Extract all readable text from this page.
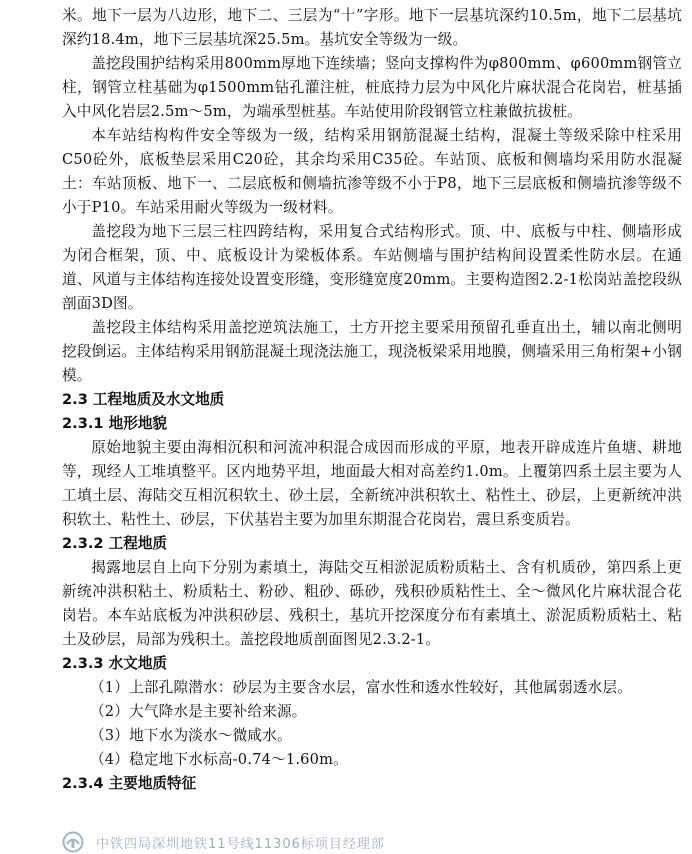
米。地下一层为八边形，地下二、三层为“十”字形。地下一层基坑深约10.5m，地下二层基坑深约18.4m，地下三层基坑深25.5m。基坑安全等级为一级。

盖挖段围护结构采用800mm厚地下连续墙；竖向支撑构件为φ800mm、φ600mm钢管立柱，钢管立柱基础为φ1500mm钻孔灌注桩，桩底持力层为中风化片麻状混合花岗岩，桩基插入中风化岩层2.5m～5m，为端承型桩基。车站使用阶段钢管立柱兼做抗拔桩。

本车站结构构件安全等级为一级，结构采用钢筋混凝土结构，混凝土等级采除中柱采用C50砼外，底板垫层采用C20砼，其余均采用C35砼。车站顶、底板和侧墙均采用防水混凝土：车站顶板、地下一、二层底板和侧墙抗渗等级不小于P8，地下三层底板和侧墙抗渗等级不小于P10。车站采用耐火等级为一级材料。

盖挖段为地下三层三柱四跨结构，采用复合式结构形式。顶、中、底板与中柱、侧墙形成为闭合框架，顶、中、底板设计为梁板体系。车站侧墙与围护结构间设置柔性防水层。在通道、风道与主体结构连接处设置变形缝，变形缝宽度20mm。主要构造图2.2-1松岗站盖挖段纵剖面3D图。

盖挖段主体结构采用盖挖逆筑法施工，土方开挖主要采用预留孔垂直出土，辅以南北侧明挖段倒运。主体结构采用钢筋混凝土现浇法施工，现浇板梁采用地膜，侧墙采用三角桁架+小钢模。

2.3 工程地质及水文地质
2.3.1 地形地貌

原始地貌主要由海相沉积和河流冲积混合成因而形成的平原，地表开辟成连片鱼塘、耕地等，现经人工堆填整平。区内地势平坦，地面最大相对高差约1.0m。上覆第四系土层主要为人工填土层、海陆交互相沉积软土、砂土层，全新统冲洪积软土、粘性土、砂层，上更新统冲洪积软土、粘性土、砂层，下伏基岩主要为加里东期混合花岗岩，震旦系变质岩。

2.3.2 工程地质

揭露地层自上向下分别为素填土，海陆交互相淤泥质粉质粘土、含有机质砂，第四系上更新统冲洪积粘土、粉质粘土、粉砂、粗砂、砾砂，残积砂质粘性土、全～微风化片麻状混合花岗岩。本车站底板为冲洪积砂层、残积土，基坑开挖深度分布有素填土、淤泥质粉质粘土、粘土及砂层，局部为残积土。盖挖段地质剖面图见2.3.2-1。

2.3.3 水文地质
（1）上部孔隙潜水：砂层为主要含水层，富水性和透水性较好，其他属弱透水层。
（2）大气降水是主要补给来源。
（3）地下水为淡水～微咸水。
（4）稳定地下水标高-0.74～1.60m。
2.3.4 主要地质特征
中铁四局深圳地铁11号线11306标项目经理部
